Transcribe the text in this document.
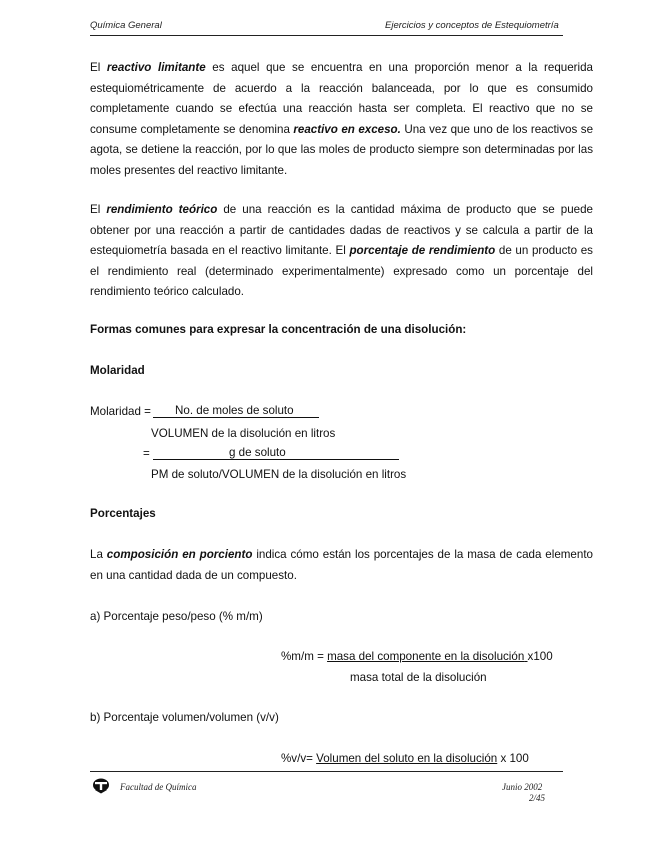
Química General	Ejercicios y conceptos de Estequiometría

El reactivo limitante es aquel que se encuentra en una proporción menor a la requerida estequiométricamente de acuerdo a la reacción balanceada, por lo que es consumido completamente cuando se efectúa una reacción hasta ser completa. El reactivo que no se consume completamente se denomina reactivo en exceso. Una vez que uno de los reactivos se agota, se detiene la reacción, por lo que las moles de producto siempre son determinadas por las moles presentes del reactivo limitante.

El rendimiento teórico de una reacción es la cantidad máxima de producto que se puede obtener por una reacción a partir de cantidades dadas de reactivos y se calcula a partir de la estequiometría basada en el reactivo limitante. El porcentaje de rendimiento de un producto es el rendimiento real (determinado experimentalmente) expresado como un porcentaje del rendimiento teórico calculado.

Formas comunes para expresar la concentración de una disolución:
Molaridad
Molaridad =	No. de moles de soluto
VOLUMEN de la disolución en litros
=	g de soluto
PM de soluto/VOLUMEN de la disolución en litros
Porcentajes

La composición en porciento indica cómo están los porcentajes de la masa de cada elemento en una cantidad dada de un compuesto.

a) Porcentaje peso/peso (% m/m)
%m/m = masa del componente en la disolución x100
masa total de la disolución
b) Porcentaje volumen/volumen (v/v)
%v/v= Volumen del soluto en la disolución x 100
Facultad de Química	Junio 2002
2/45
